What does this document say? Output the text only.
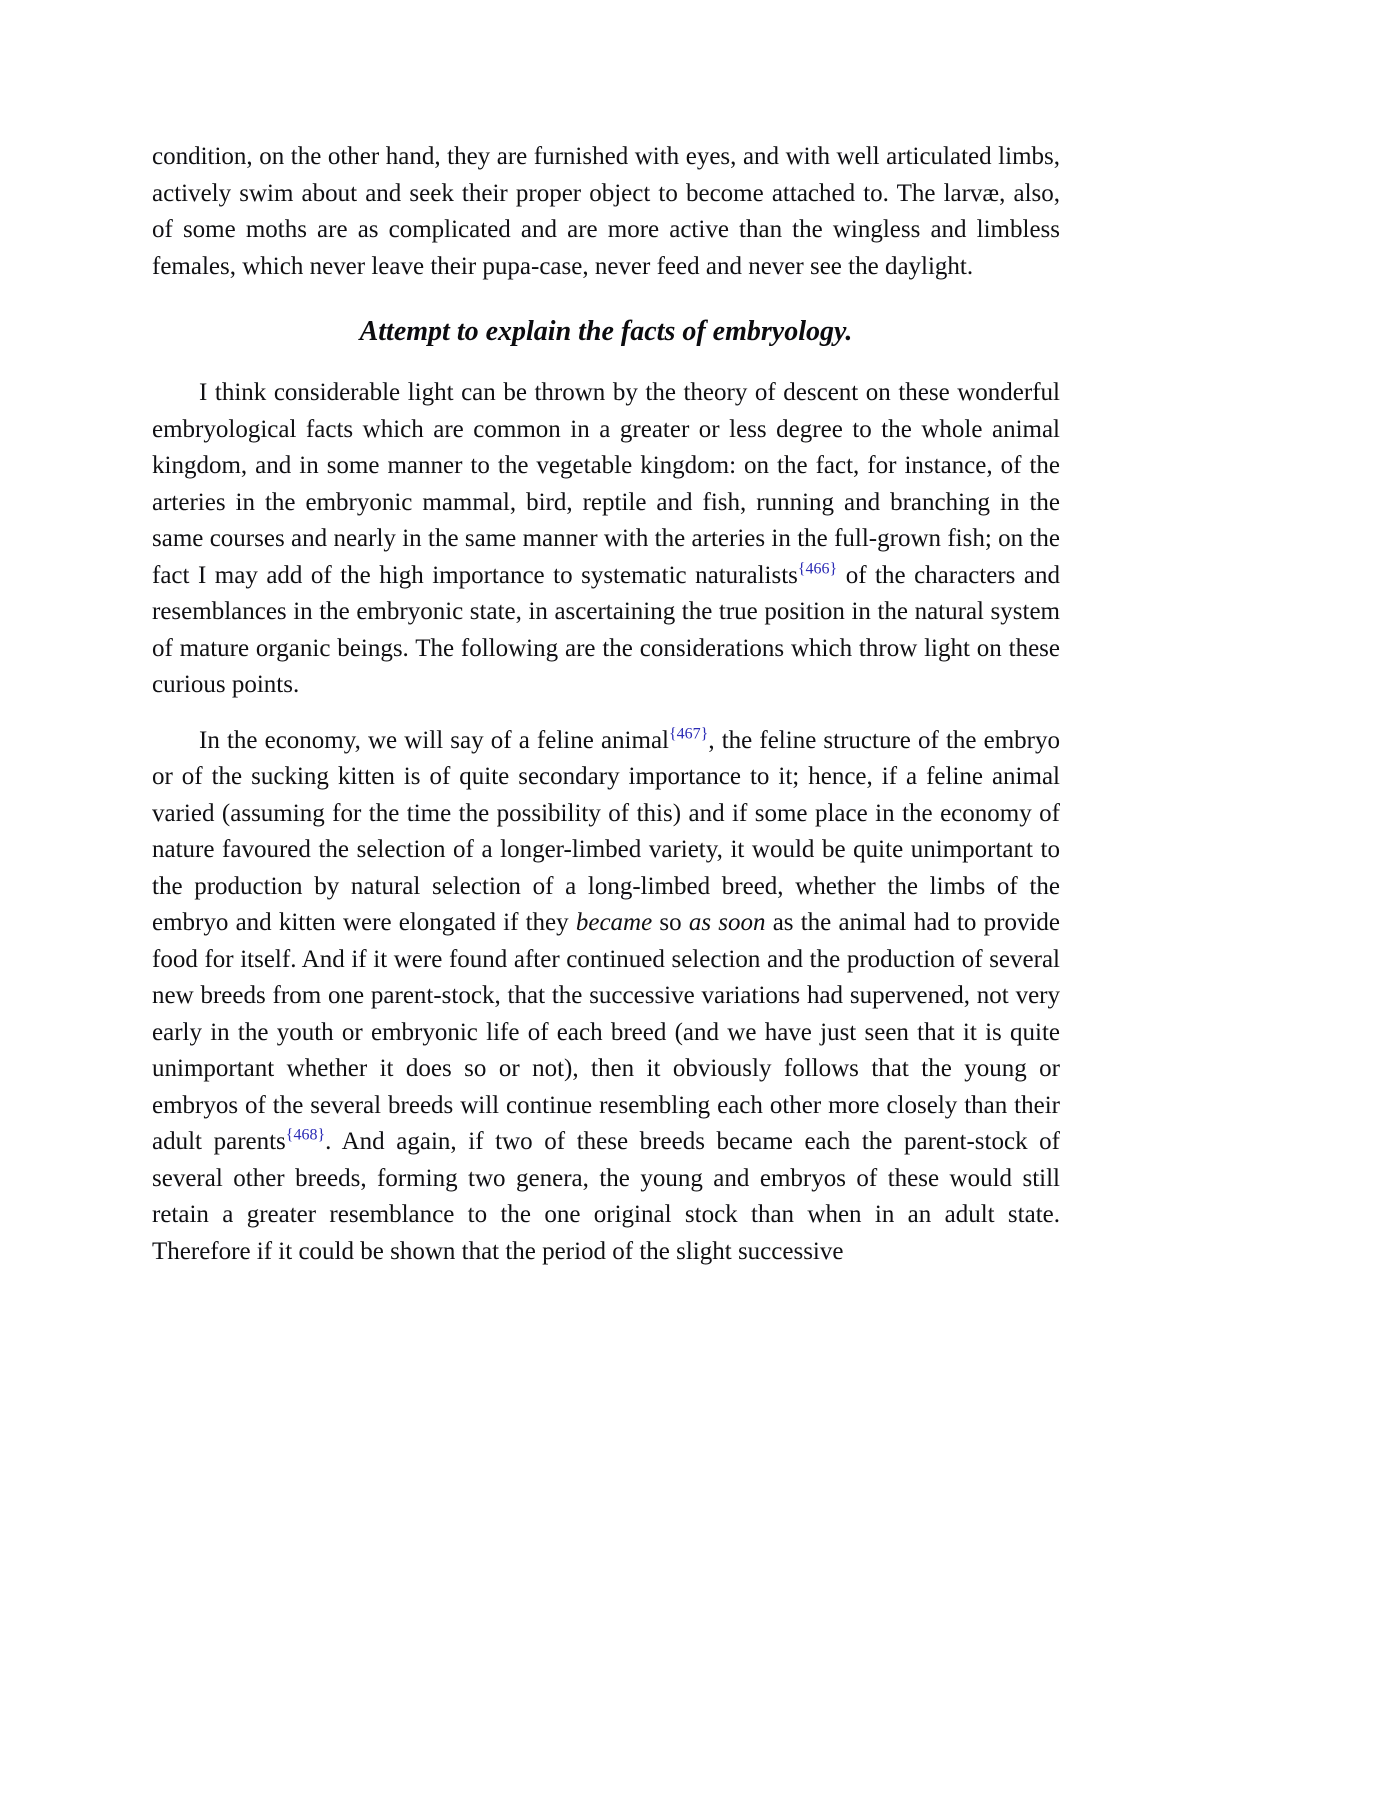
condition, on the other hand, they are furnished with eyes, and with well articulated limbs, actively swim about and seek their proper object to become attached to. The larvæ, also, of some moths are as complicated and are more active than the wingless and limbless females, which never leave their pupa-case, never feed and never see the daylight.

Attempt to explain the facts of embryology.

I think considerable light can be thrown by the theory of descent on these wonderful embryological facts which are common in a greater or less degree to the whole animal kingdom, and in some manner to the vegetable kingdom: on the fact, for instance, of the arteries in the embryonic mammal, bird, reptile and fish, running and branching in the same courses and nearly in the same manner with the arteries in the full-grown fish; on the fact I may add of the high importance to systematic naturalists$^{\{466\}}$ of the characters and resemblances in the embryonic state, in ascertaining the true position in the natural system of mature organic beings. The following are the considerations which throw light on these curious points.

In the economy, we will say of a feline animal$^{\{467\}}$, the feline structure of the embryo or of the sucking kitten is of quite secondary importance to it; hence, if a feline animal varied (assuming for the time the possibility of this) and if some place in the economy of nature favoured the selection of a longer-limbed variety, it would be quite unimportant to the production by natural selection of a long-limbed breed, whether the limbs of the embryo and kitten were elongated if they became so as soon as the animal had to provide food for itself. And if it were found after continued selection and the production of several new breeds from one parent-stock, that the successive variations had supervened, not very early in the youth or embryonic life of each breed (and we have just seen that it is quite unimportant whether it does so or not), then it obviously follows that the young or embryos of the several breeds will continue resembling each other more closely than their adult parents$^{\{468\}}$. And again, if two of these breeds became each the parent-stock of several other breeds, forming two genera, the young and embryos of these would still retain a greater resemblance to the one original stock than when in an adult state. Therefore if it could be shown that the period of the slight successive
